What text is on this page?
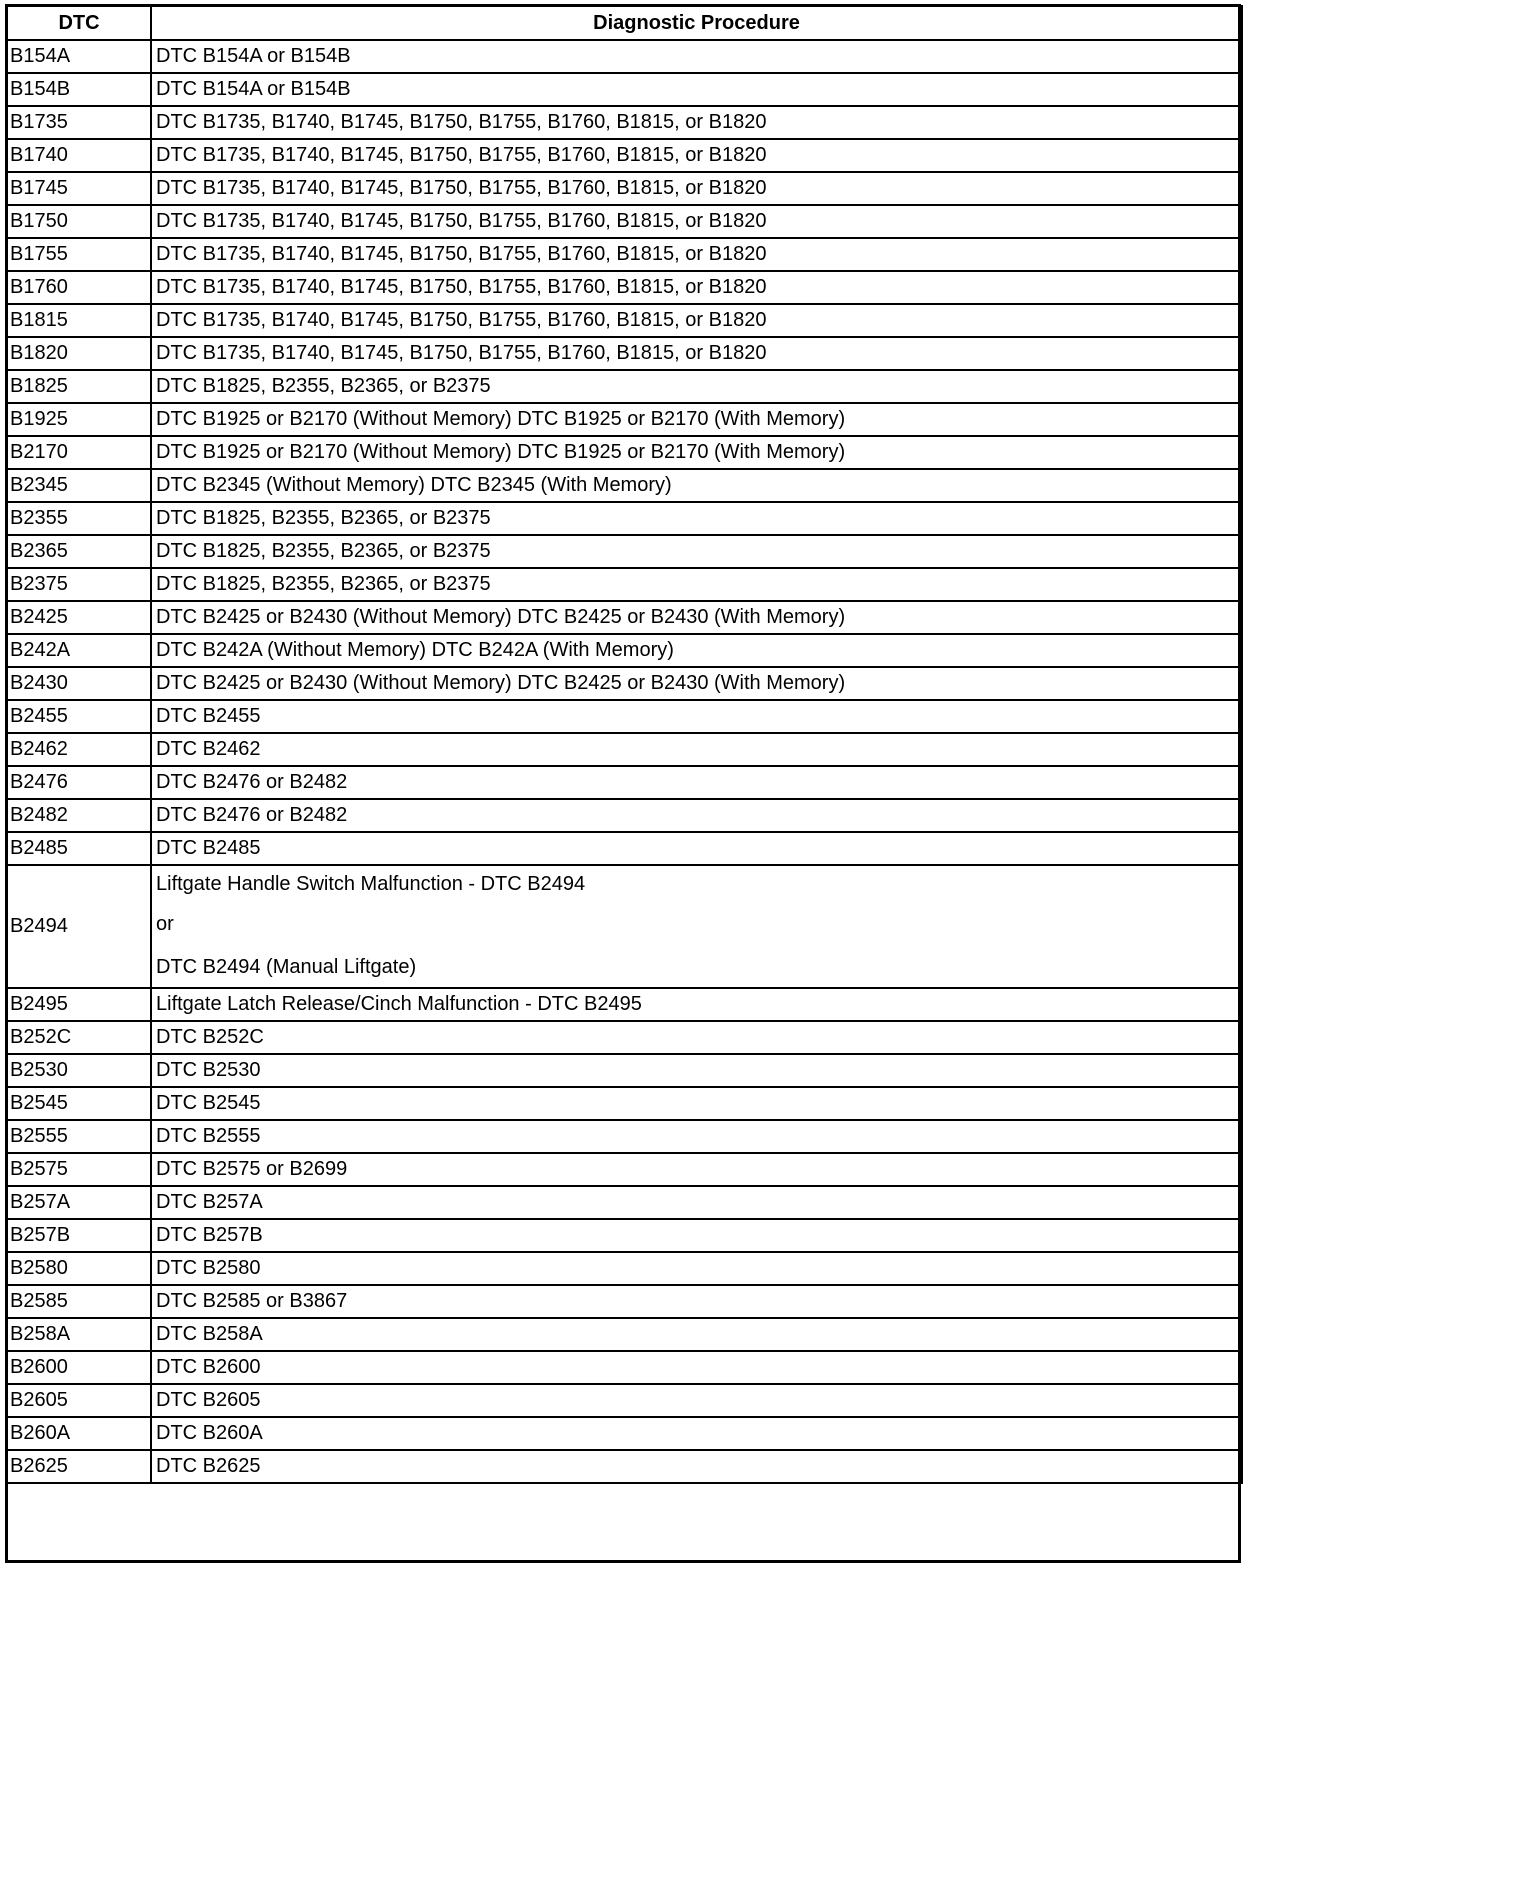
DTC	Diagnostic Procedure
B154A	DTC B154A or B154B
B154B	DTC B154A or B154B
B1735	DTC B1735, B1740, B1745, B1750, B1755, B1760, B1815, or B1820
B1740	DTC B1735, B1740, B1745, B1750, B1755, B1760, B1815, or B1820
B1745	DTC B1735, B1740, B1745, B1750, B1755, B1760, B1815, or B1820
B1750	DTC B1735, B1740, B1745, B1750, B1755, B1760, B1815, or B1820
B1755	DTC B1735, B1740, B1745, B1750, B1755, B1760, B1815, or B1820
B1760	DTC B1735, B1740, B1745, B1750, B1755, B1760, B1815, or B1820
B1815	DTC B1735, B1740, B1745, B1750, B1755, B1760, B1815, or B1820
B1820	DTC B1735, B1740, B1745, B1750, B1755, B1760, B1815, or B1820
B1825	DTC B1825, B2355, B2365, or B2375
B1925	DTC B1925 or B2170 (Without Memory) DTC B1925 or B2170 (With Memory)
B2170	DTC B1925 or B2170 (Without Memory) DTC B1925 or B2170 (With Memory)
B2345	DTC B2345 (Without Memory) DTC B2345 (With Memory)
B2355	DTC B1825, B2355, B2365, or B2375
B2365	DTC B1825, B2355, B2365, or B2375
B2375	DTC B1825, B2355, B2365, or B2375
B2425	DTC B2425 or B2430 (Without Memory) DTC B2425 or B2430 (With Memory)
B242A	DTC B242A (Without Memory) DTC B242A (With Memory)
B2430	DTC B2425 or B2430 (Without Memory) DTC B2425 or B2430 (With Memory)
B2455	DTC B2455
B2462	DTC B2462
B2476	DTC B2476 or B2482
B2482	DTC B2476 or B2482
B2485	DTC B2485
B2494	Liftgate Handle Switch Malfunction - DTC B2494
or
DTC B2494 (Manual Liftgate)

B2495	Liftgate Latch Release/Cinch Malfunction - DTC B2495
B252C	DTC B252C
B2530	DTC B2530
B2545	DTC B2545
B2555	DTC B2555
B2575	DTC B2575 or B2699
B257A	DTC B257A
B257B	DTC B257B
B2580	DTC B2580
B2585	DTC B2585 or B3867
B258A	DTC B258A
B2600	DTC B2600
B2605	DTC B2605
B260A	DTC B260A
B2625	DTC B2625
